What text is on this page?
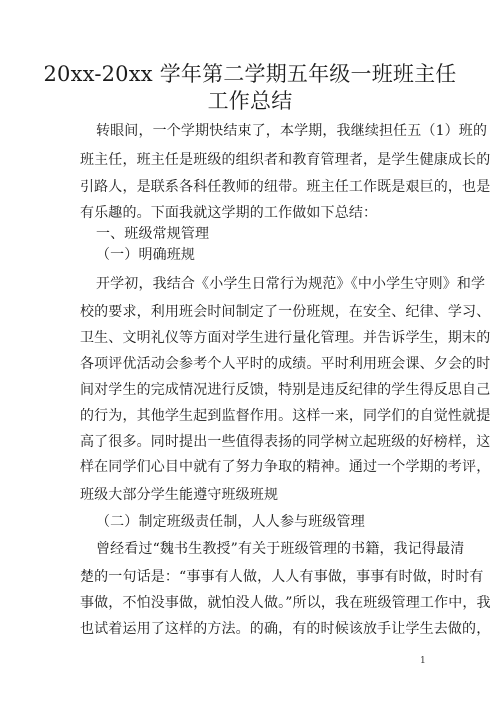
20xx-20xx 学年第二学期五年级一班班主任
工作总结
转眼间，一个学期快结束了，本学期，我继续担任五（1）班的
班主任，班主任是班级的组织者和教育管理者，是学生健康成长的
引路人，是联系各科任教师的纽带。班主任工作既是艰巨的，也是
有乐趣的。下面我就这学期的工作做如下总结：
一、班级常规管理
（一）明确班规
开学初，我结合《小学生日常行为规范》《中小学生守则》和学
校的要求，利用班会时间制定了一份班规，在安全、纪律、学习、
卫生、文明礼仪等方面对学生进行量化管理。并告诉学生，期末的
各项评优活动会参考个人平时的成绩。平时利用班会课、夕会的时
间对学生的完成情况进行反馈，特别是违反纪律的学生得反思自己
的行为，其他学生起到监督作用。这样一来，同学们的自觉性就提
高了很多。同时提出一些值得表扬的同学树立起班级的好榜样，这
样在同学们心目中就有了努力争取的精神。通过一个学期的考评，
班级大部分学生能遵守班级班规
（二）制定班级责任制，人人参与班级管理
曾经看过“魏书生教授”有关于班级管理的书籍，我记得最清
楚的一句话是：“事事有人做，人人有事做，事事有时做，时时有
事做，不怕没事做，就怕没人做。”所以，我在班级管理工作中，我
也试着运用了这样的方法。的确，有的时候该放手让学生去做的，
1
